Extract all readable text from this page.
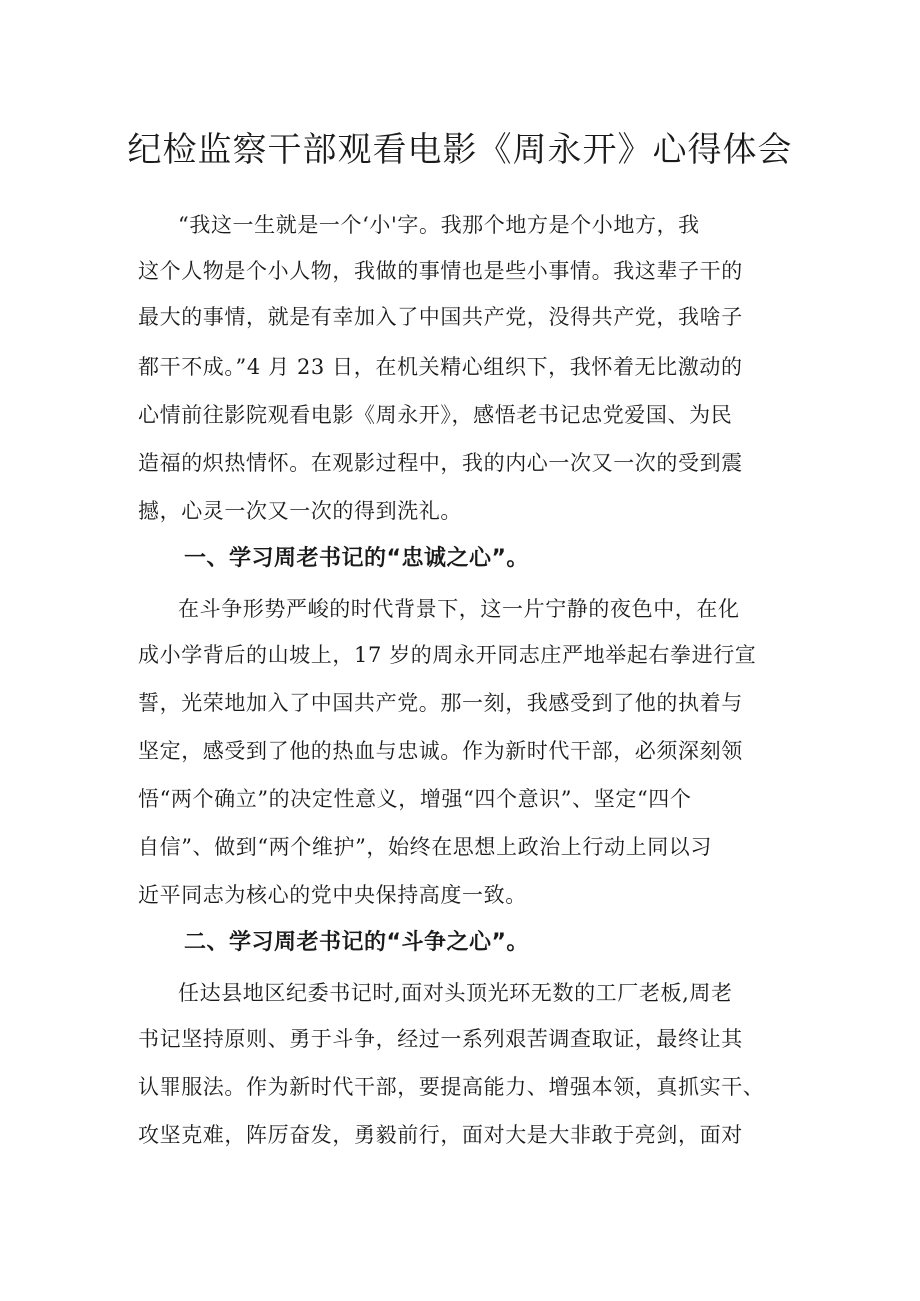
纪检监察干部观看电影《周永开》心得体会

“我这一生就是一个‘小'字。我那个地方是个小地方，我

这个人物是个小人物，我做的事情也是些小事情。我这辈子干的

最大的事情，就是有幸加入了中国共产党，没得共产党，我啥子

都干不成。”4 月 23 日，在机关精心组织下，我怀着无比激动的

心情前往影院观看电影《周永开》，感悟老书记忠党爱国、为民

造福的炽热情怀。在观影过程中，我的内心一次又一次的受到震

撼，心灵一次又一次的得到洗礼。

一、学习周老书记的“忠诚之心”。

在斗争形势严峻的时代背景下，这一片宁静的夜色中，在化

成小学背后的山坡上，17 岁的周永开同志庄严地举起右拳进行宣

誓，光荣地加入了中国共产党。那一刻，我感受到了他的执着与

坚定，感受到了他的热血与忠诚。作为新时代干部，必须深刻领

悟“两个确立”的决定性意义，增强“四个意识”、坚定“四个

自信”、做到“两个维护”，始终在思想上政治上行动上同以习

近平同志为核心的党中央保持高度一致。

二、学习周老书记的“斗争之心”。

任达县地区纪委书记时,面对头顶光环无数的工厂老板,周老

书记坚持原则、勇于斗争，经过一系列艰苦调查取证，最终让其

认罪服法。作为新时代干部，要提高能力、增强本领，真抓实干、

攻坚克难，阵厉奋发，勇毅前行，面对大是大非敢于亮剑，面对
